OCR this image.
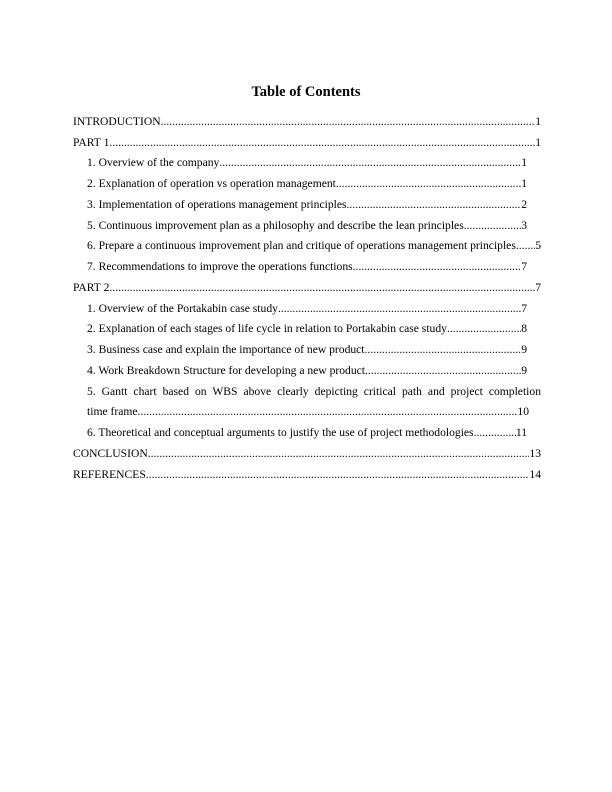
Table of Contents
INTRODUCTION .....	1
PART 1 .....	1
1. Overview of the company .....	1
2. Explanation of operation vs operation management .....	1
3. Implementation of operations management principles .....	2
5. Continuous improvement plan as a philosophy and describe the lean principles .....	3
6. Prepare a continuous improvement plan and critique of operations management principles ..... 5
7. Recommendations to improve the operations functions .....	7
PART 2 .....	7
1. Overview of the Portakabin case study .....	7
2. Explanation of each stages of life cycle in relation to Portakabin case study .....	8
3. Business case and explain the importance of new product .....	9
4. Work Breakdown Structure for developing a new product .....	9
5. Gantt chart based on WBS above clearly depicting critical path and project completion
time frame .....	10
6. Theoretical and conceptual arguments to justify the use of project methodologies .....	11
CONCLUSION .....	13
REFERENCES .....	14
